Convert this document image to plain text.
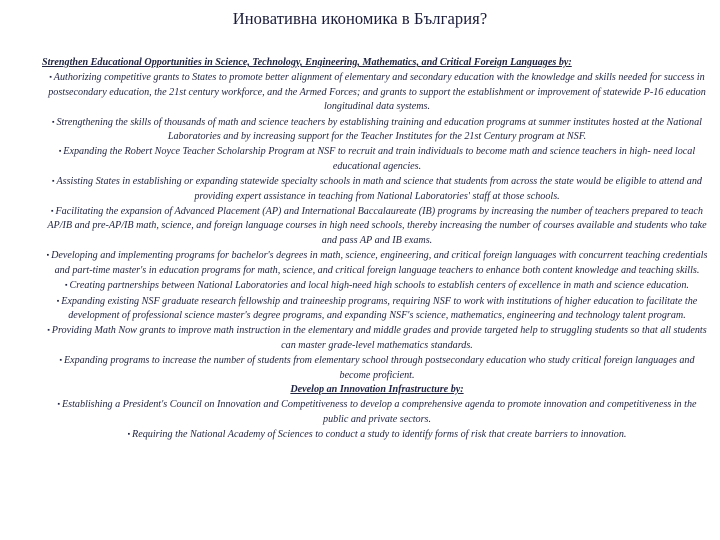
Иновативна икономика в България?
Strengthen Educational Opportunities in Science, Technology, Engineering, Mathematics, and Critical Foreign Languages by:
▪ Authorizing competitive grants to States to promote better alignment of elementary and secondary education with the knowledge and skills needed for success in postsecondary education, the 21st century workforce, and the Armed Forces; and grants to support the establishment or improvement of statewide P-16 education longitudinal data systems.
▪ Strengthening the skills of thousands of math and science teachers by establishing training and education programs at summer institutes hosted at the National Laboratories and by increasing support for the Teacher Institutes for the 21st Century program at NSF.
▪ Expanding the Robert Noyce Teacher Scholarship Program at NSF to recruit and train individuals to become math and science teachers in high- need local educational agencies.
▪ Assisting States in establishing or expanding statewide specialty schools in math and science that students from across the state would be eligible to attend and providing expert assistance in teaching from National Laboratories' staff at those schools.
▪ Facilitating the expansion of Advanced Placement (AP) and International Baccalaureate (IB) programs by increasing the number of teachers prepared to teach AP/IB and pre-AP/IB math, science, and foreign language courses in high need schools, thereby increasing the number of courses available and students who take and pass AP and IB exams.
▪ Developing and implementing programs for bachelor's degrees in math, science, engineering, and critical foreign languages with concurrent teaching credentials and part-time master's in education programs for math, science, and critical foreign language teachers to enhance both content knowledge and teaching skills.
▪ Creating partnerships between National Laboratories and local high-need high schools to establish centers of excellence in math and science education.
▪ Expanding existing NSF graduate research fellowship and traineeship programs, requiring NSF to work with institutions of higher education to facilitate the development of professional science master's degree programs, and expanding NSF's science, mathematics, engineering and technology talent program.
▪ Providing Math Now grants to improve math instruction in the elementary and middle grades and provide targeted help to struggling students so that all students can master grade-level mathematics standards.
▪ Expanding programs to increase the number of students from elementary school through postsecondary education who study critical foreign languages and become proficient.
Develop an Innovation Infrastructure by:
▪ Establishing a President's Council on Innovation and Competitiveness to develop a comprehensive agenda to promote innovation and competitiveness in the public and private sectors.
▪ Requiring the National Academy of Sciences to conduct a study to identify forms of risk that create barriers to innovation.
